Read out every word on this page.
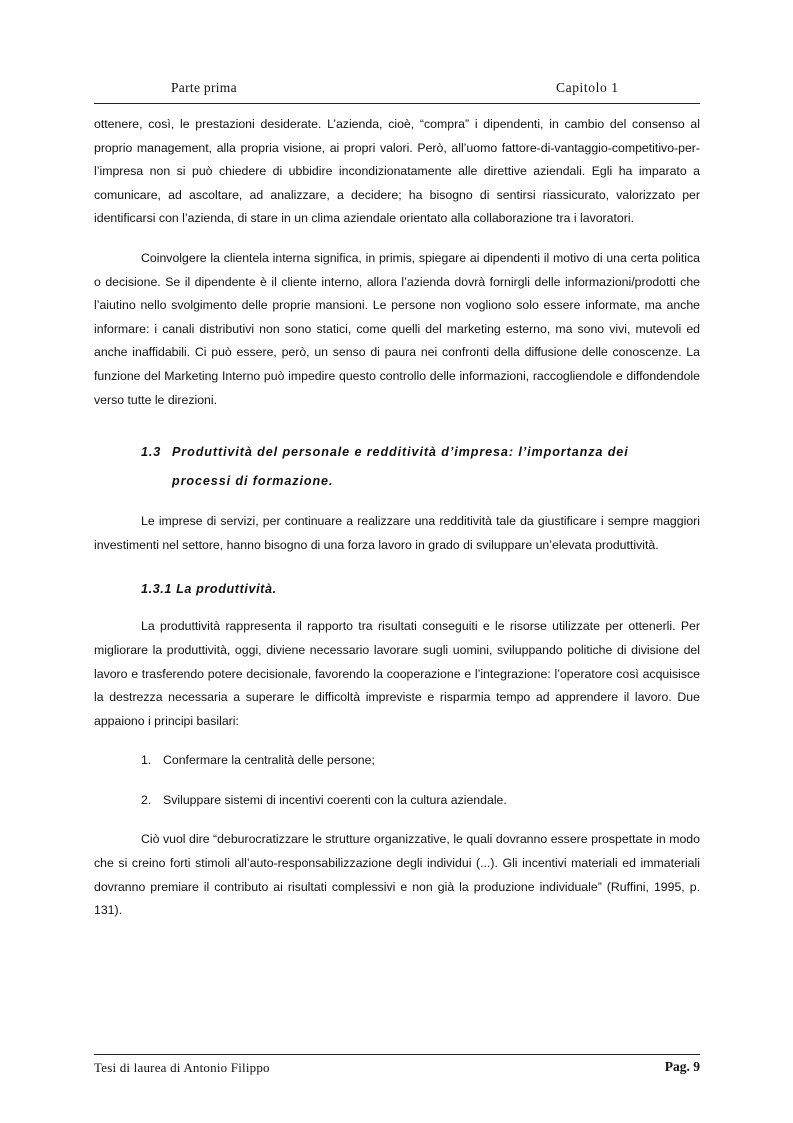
Parte prima	Capitolo 1

ottenere, così, le prestazioni desiderate. L’azienda, cioè, “compra” i dipendenti, in cambio del consenso al proprio management, alla propria visione, ai propri valori. Però, all’uomo fattore-di-vantaggio-competitivo-per-l’impresa non si può chiedere di ubbidire incondizionatamente alle direttive aziendali. Egli ha imparato a comunicare, ad ascoltare, ad analizzare, a decidere; ha bisogno di sentirsi riassicurato, valorizzato per identificarsi con l’azienda, di stare in un clima aziendale orientato alla collaborazione tra i lavoratori.

Coinvolgere la clientela interna significa, in primis, spiegare ai dipendenti il motivo di una certa politica o decisione. Se il dipendente è il cliente interno, allora l’azienda dovrà fornirgli delle informazioni/prodotti che l’aiutino nello svolgimento delle proprie mansioni. Le persone non vogliono solo essere informate, ma anche informare: i canali distributivi non sono statici, come quelli del marketing esterno, ma sono vivi, mutevoli ed anche inaffidabili. Ci può essere, però, un senso di paura nei confronti della diffusione delle conoscenze. La funzione del Marketing Interno può impedire questo controllo delle informazioni, raccogliendole e diffondendole verso tutte le direzioni.

1.3 Produttività del personale e redditività d’impresa: l’importanza dei
processi di formazione.

Le imprese di servizi, per continuare a realizzare una redditività tale da giustificare i sempre maggiori investimenti nel settore, hanno bisogno di una forza lavoro in grado di sviluppare un’elevata produttività.

1.3.1 La produttività.

La produttività rappresenta il rapporto tra risultati conseguiti e le risorse utilizzate per ottenerli. Per migliorare la produttività, oggi, diviene necessario lavorare sugli uomini, sviluppando politiche di divisione del lavoro e trasferendo potere decisionale, favorendo la cooperazione e l’integrazione: l’operatore così acquisisce la destrezza necessaria a superare le difficoltà impreviste e risparmia tempo ad apprendere il lavoro. Due appaiono i principi basilari:

1. Confermare la centralità delle persone;

2. Sviluppare sistemi di incentivi coerenti con la cultura aziendale.

Ciò vuol dire “deburocratizzare le strutture organizzative, le quali dovranno essere prospettate in modo che si creino forti stimoli all’auto-responsabilizzazione degli individui (...). Gli incentivi materiali ed immateriali dovranno premiare il contributo ai risultati complessivi e non già la produzione individuale” (Ruffini, 1995, p. 131).

Tesi di laurea di Antonio Filippo	Pag. 9
